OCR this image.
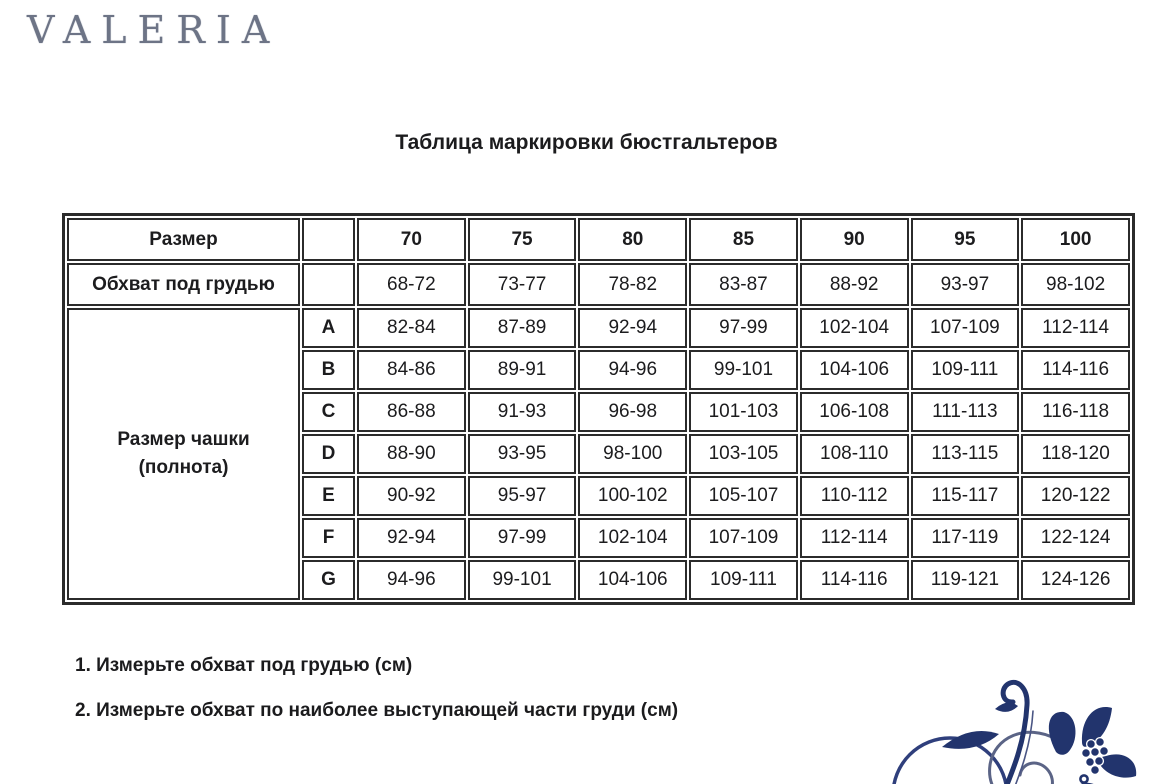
VALERIA
Таблица маркировки бюстгальтеров
Размер		70	75	80	85	90	95	100
Обхват под грудью		68-72	73-77	78-82	83-87	88-92	93-97	98-102

Размер чашки
(полнота)	A	82-84	87-89	92-94	97-99	102-104	107-109	112-114
	B	84-86	89-91	94-96	99-101	104-106	109-111	114-116
	C	86-88	91-93	96-98	101-103	106-108	111-113	116-118
	D	88-90	93-95	98-100	103-105	108-110	113-115	118-120
	E	90-92	95-97	100-102	105-107	110-112	115-117	120-122
	F	92-94	97-99	102-104	107-109	112-114	117-119	122-124
	G	94-96	99-101	104-106	109-111	114-116	119-121	124-126
1. Измерьте обхват под грудью (см)
2. Измерьте обхват по наиболее выступающей части груди (см)
